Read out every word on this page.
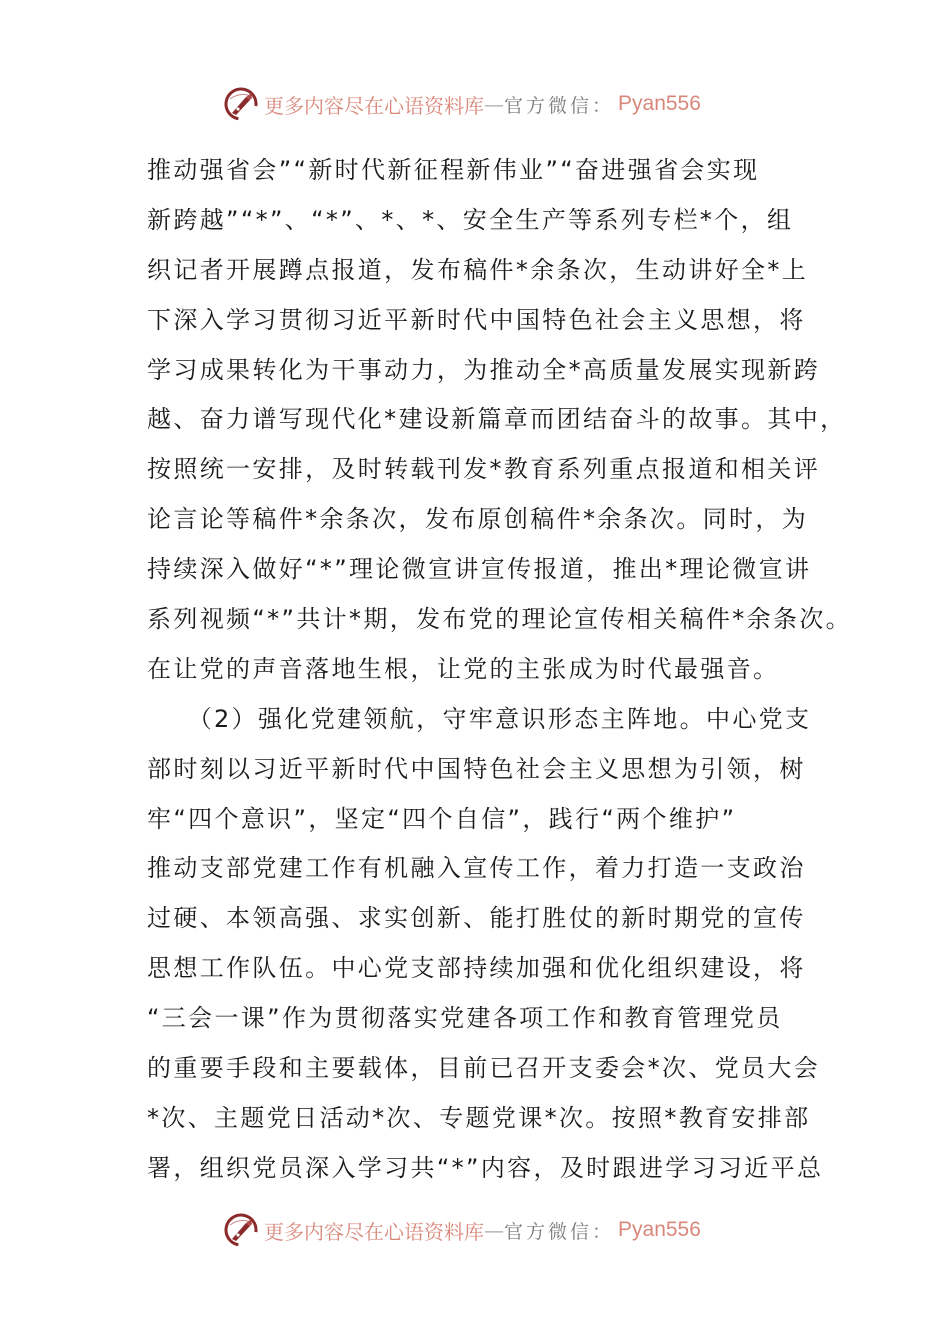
更多内容尽在心语资料库 — 官方微信： Pyan556
推动强省会”“新时代新征程新伟业”“奋进强省会实现
新跨越”“*”、“*”、*、*、安全生产等系列专栏*个，组
织记者开展蹲点报道，发布稿件*余条次，生动讲好全*上
下深入学习贯彻习近平新时代中国特色社会主义思想，将
学习成果转化为干事动力，为推动全*高质量发展实现新跨
越、奋力谱写现代化*建设新篇章而团结奋斗的故事。其中，
按照统一安排，及时转载刊发*教育系列重点报道和相关评
论言论等稿件*余条次，发布原创稿件*余条次。同时，为
持续深入做好“*”理论微宣讲宣传报道，推出*理论微宣讲
系列视频“*”共计*期，发布党的理论宣传相关稿件*余条次。
在让党的声音落地生根，让党的主张成为时代最强音。
　　（2）强化党建领航，守牢意识形态主阵地。中心党支
部时刻以习近平新时代中国特色社会主义思想为引领，树
牢“四个意识”，坚定“四个自信”，践行“两个维护”
推动支部党建工作有机融入宣传工作，着力打造一支政治
过硬、本领高强、求实创新、能打胜仗的新时期党的宣传
思想工作队伍。中心党支部持续加强和优化组织建设，将
“三会一课”作为贯彻落实党建各项工作和教育管理党员
的重要手段和主要载体，目前已召开支委会*次、党员大会
*次、主题党日活动*次、专题党课*次。按照*教育安排部
署，组织党员深入学习共“*”内容，及时跟进学习习近平总
更多内容尽在心语资料库 — 官方微信： Pyan556
